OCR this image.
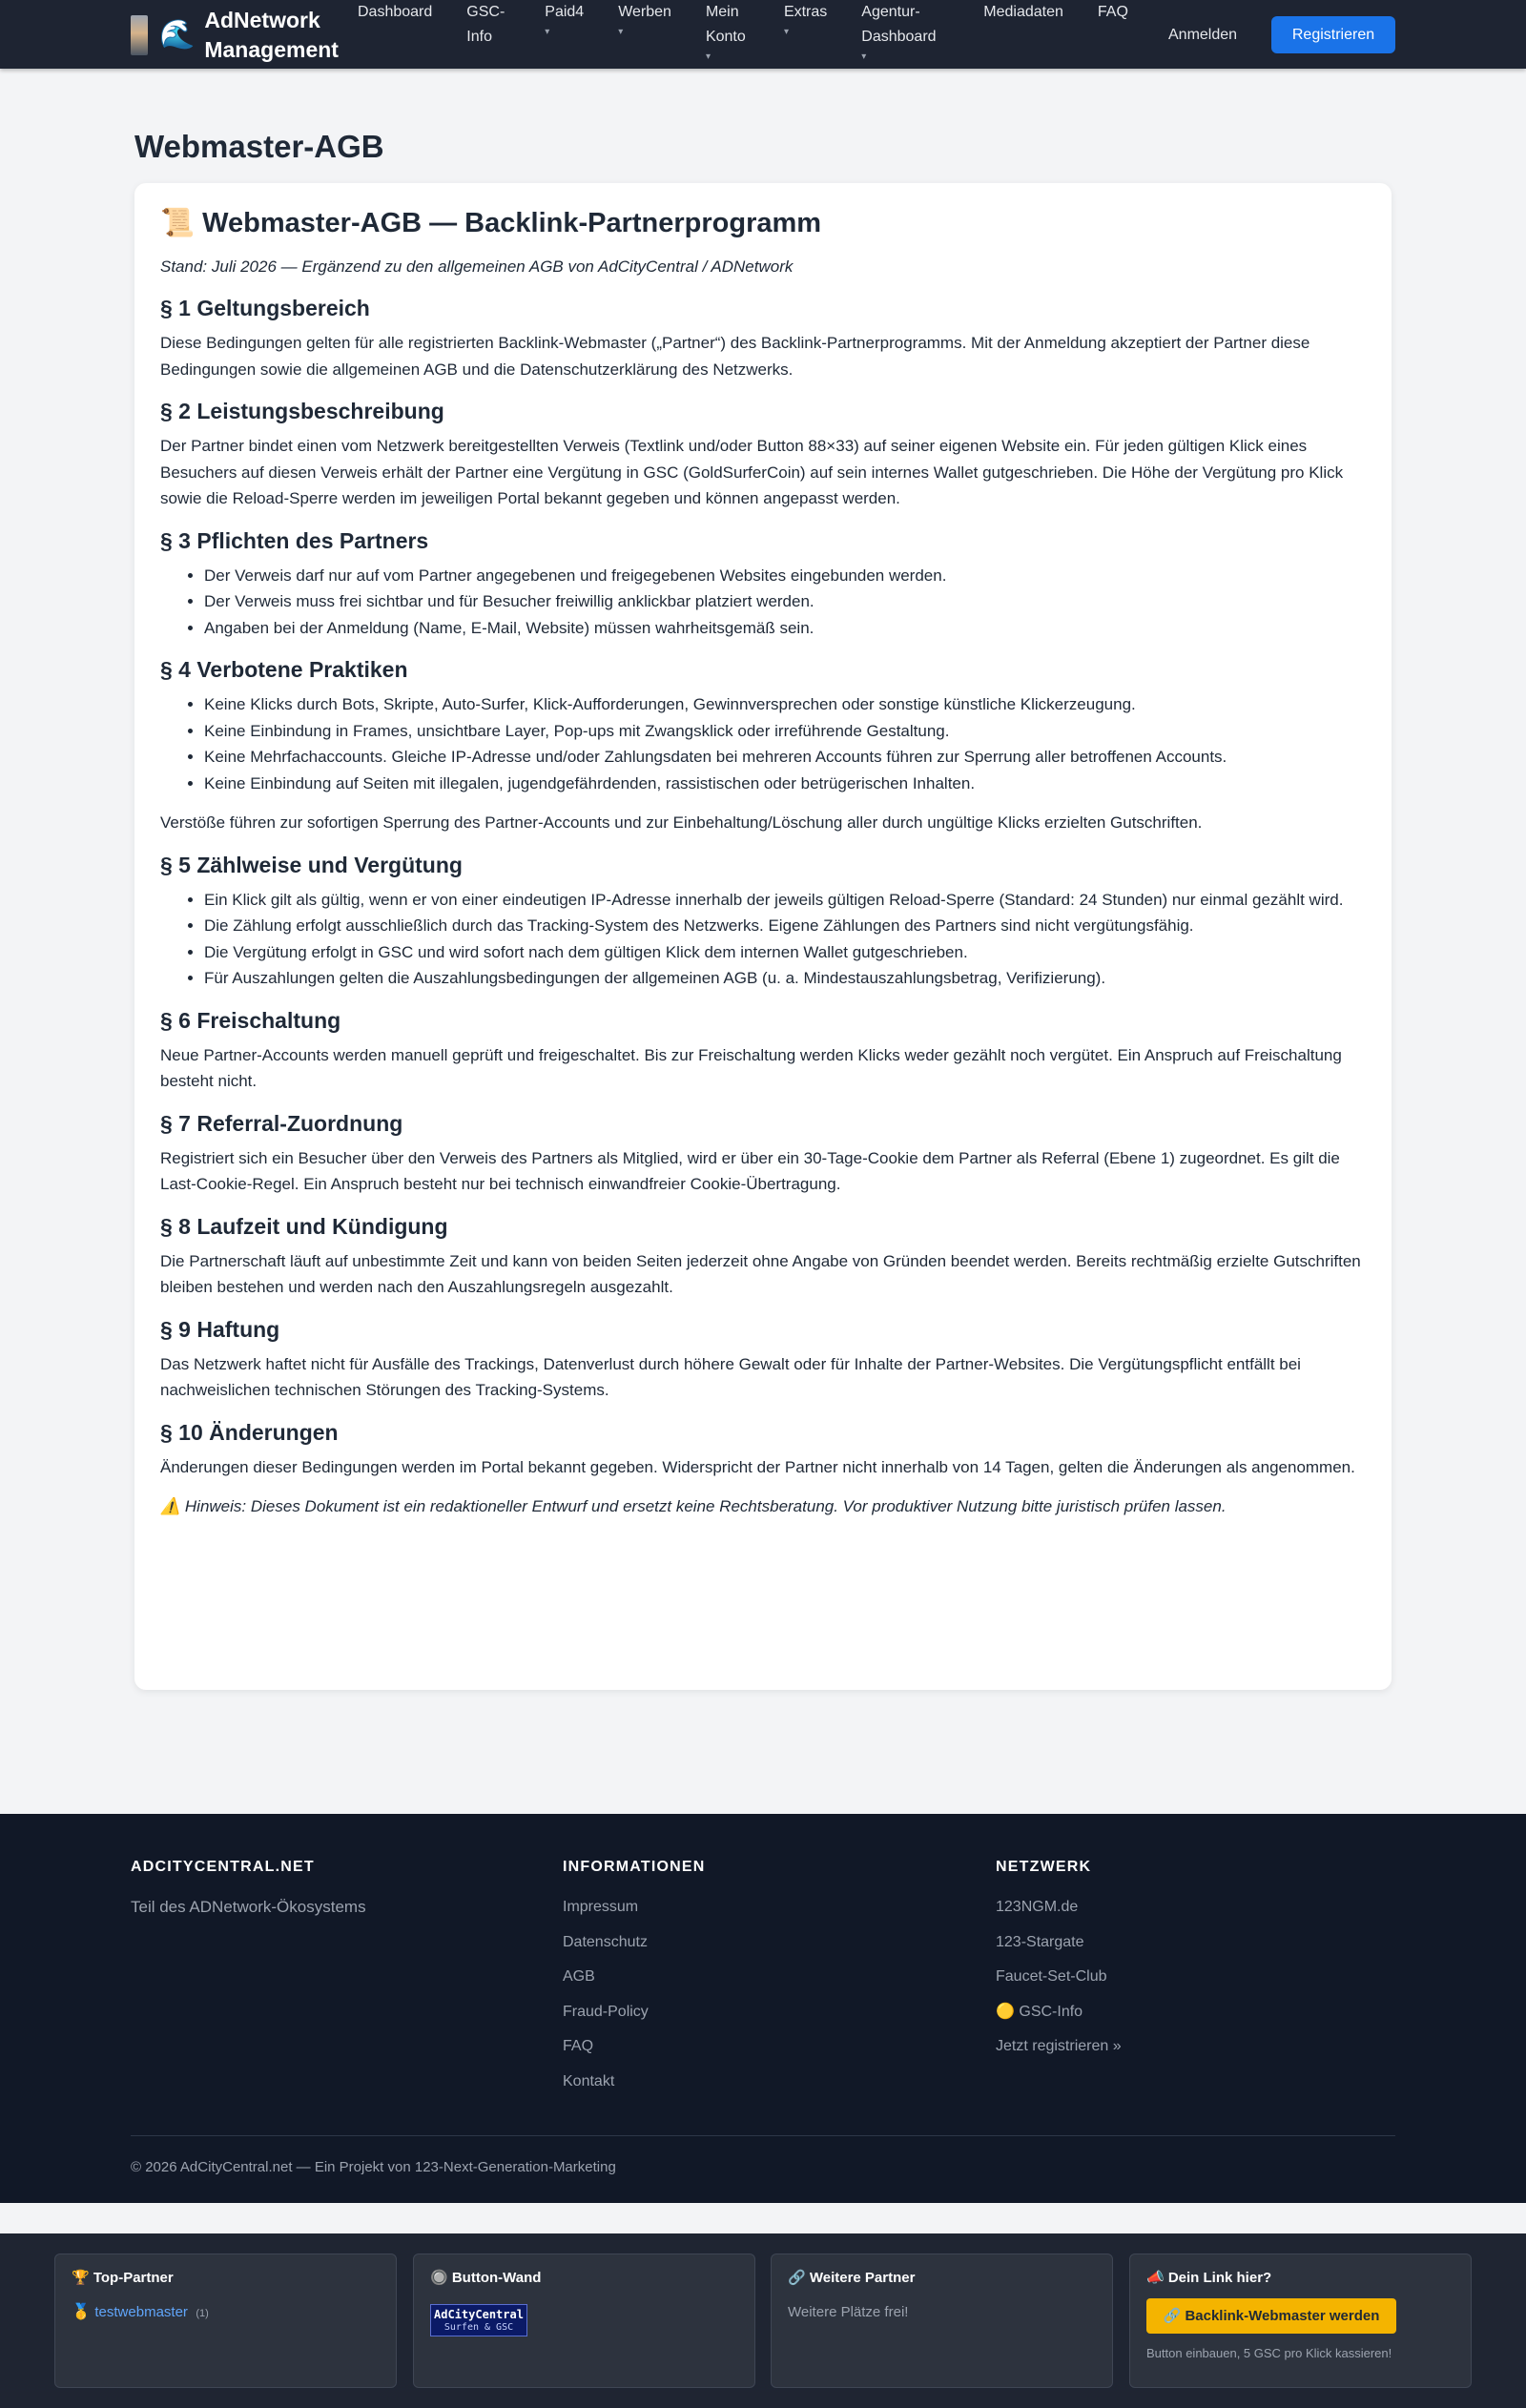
🌊 AdNetwork Management
Dashboard GSC-Info
Paid4
▾
Werben
▾
Mein Konto
▾
Extras
▾
Agentur-Dashboard
▾
Mediadaten FAQ
Anmelden	Registrieren
Webmaster-AGB
📜 Webmaster-AGB — Backlink-Partnerprogramm
Stand: Juli 2026 — Ergänzend zu den allgemeinen AGB von AdCityCentral / ADNetwork
§ 1 Geltungsbereich

Diese Bedingungen gelten für alle registrierten Backlink-Webmaster („Partner“) des Backlink-Partnerprogramms. Mit der Anmeldung akzeptiert der Partner diese Bedingungen sowie die allgemeinen AGB und die Datenschutzerklärung des Netzwerks.

§ 2 Leistungsbeschreibung

Der Partner bindet einen vom Netzwerk bereitgestellten Verweis (Textlink und/oder Button 88×33) auf seiner eigenen Website ein. Für jeden gültigen Klick eines Besuchers auf diesen Verweis erhält der Partner eine Vergütung in GSC (GoldSurferCoin) auf sein internes Wallet gutgeschrieben. Die Höhe der Vergütung pro Klick sowie die Reload-Sperre werden im jeweiligen Portal bekannt gegeben und können angepasst werden.

§ 3 Pflichten des Partners
• Der Verweis darf nur auf vom Partner angegebenen und freigegebenen Websites eingebunden werden.
• Der Verweis muss frei sichtbar und für Besucher freiwillig anklickbar platziert werden.
• Angaben bei der Anmeldung (Name, E-Mail, Website) müssen wahrheitsgemäß sein.
§ 4 Verbotene Praktiken
• Keine Klicks durch Bots, Skripte, Auto-Surfer, Klick-Aufforderungen, Gewinnversprechen oder sonstige künstliche Klickerzeugung.
• Keine Einbindung in Frames, unsichtbare Layer, Pop-ups mit Zwangsklick oder irreführende Gestaltung.
• Keine Mehrfachaccounts. Gleiche IP-Adresse und/oder Zahlungsdaten bei mehreren Accounts führen zur Sperrung aller betroffenen Accounts.
• Keine Einbindung auf Seiten mit illegalen, jugendgefährdenden, rassistischen oder betrügerischen Inhalten.

Verstöße führen zur sofortigen Sperrung des Partner-Accounts und zur Einbehaltung/Löschung aller durch ungültige Klicks erzielten Gutschriften.

§ 5 Zählweise und Vergütung
• Ein Klick gilt als gültig, wenn er von einer eindeutigen IP-Adresse innerhalb der jeweils gültigen Reload-Sperre (Standard: 24 Stunden) nur einmal gezählt wird.
• Die Zählung erfolgt ausschließlich durch das Tracking-System des Netzwerks. Eigene Zählungen des Partners sind nicht vergütungsfähig.
• Die Vergütung erfolgt in GSC und wird sofort nach dem gültigen Klick dem internen Wallet gutgeschrieben.
• Für Auszahlungen gelten die Auszahlungsbedingungen der allgemeinen AGB (u. a. Mindestauszahlungsbetrag, Verifizierung).
§ 6 Freischaltung

Neue Partner-Accounts werden manuell geprüft und freigeschaltet. Bis zur Freischaltung werden Klicks weder gezählt noch vergütet. Ein Anspruch auf Freischaltung besteht nicht.

§ 7 Referral-Zuordnung

Registriert sich ein Besucher über den Verweis des Partners als Mitglied, wird er über ein 30-Tage-Cookie dem Partner als Referral (Ebene 1) zugeordnet. Es gilt die Last-Cookie-Regel. Ein Anspruch besteht nur bei technisch einwandfreier Cookie-Übertragung.

§ 8 Laufzeit und Kündigung

Die Partnerschaft läuft auf unbestimmte Zeit und kann von beiden Seiten jederzeit ohne Angabe von Gründen beendet werden. Bereits rechtmäßig erzielte Gutschriften bleiben bestehen und werden nach den Auszahlungsregeln ausgezahlt.

§ 9 Haftung

Das Netzwerk haftet nicht für Ausfälle des Trackings, Datenverlust durch höhere Gewalt oder für Inhalte der Partner-Websites. Die Vergütungspflicht entfällt bei nachweislichen technischen Störungen des Tracking-Systems.

§ 10 Änderungen

Änderungen dieser Bedingungen werden im Portal bekannt gegeben. Widerspricht der Partner nicht innerhalb von 14 Tagen, gelten die Änderungen als angenommen.

⚠️ Hinweis: Dieses Dokument ist ein redaktioneller Entwurf und ersetzt keine Rechtsberatung. Vor produktiver Nutzung bitte juristisch prüfen lassen.

ADCITYCENTRAL.NET
Teil des ADNetwork-Ökosystems
INFORMATIONEN
Impressum
Datenschutz
AGB
Fraud-Policy
FAQ
Kontakt
NETZWERK
123NGM.de
123-Stargate
Faucet-Set-Club
🟡 GSC-Info
Jetzt registrieren »
© 2026 AdCityCentral.net — Ein Projekt von 123-Next-Generation-Marketing
🏆 Top-Partner
🥇 testwebmaster (1)
🔘 Button-Wand
AdCityCentral
Surfen & GSC
🔗 Weitere Partner
Weitere Plätze frei!
📣 Dein Link hier?
🔗 Backlink-Webmaster werden
Button einbauen, 5 GSC pro Klick kassieren!
